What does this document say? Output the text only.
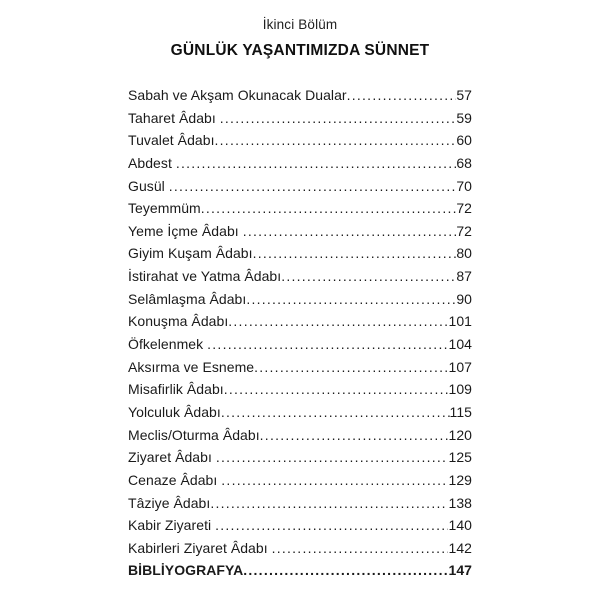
İkinci Bölüm
GÜNLÜK YAŞANTIMIZDA SÜNNET
Sabah ve Akşam Okunacak Dualar .....	57
Taharet Âdabı .....	59
Tuvalet Âdabı .....	60
Abdest .....	68
Gusül .....	70
Teyemmüm .....	72
Yeme İçme Âdabı .....	72
Giyim Kuşam Âdabı .....	80
İstirahat ve Yatma Âdabı .....	87
Selâmlaşma Âdabı .....	90
Konuşma Âdabı .....	101
Öfkelenmek .....	104
Aksırma ve Esneme .....	107
Misafirlik Âdabı .....	109
Yolculuk Âdabı .....	115
Meclis/Oturma Âdabı .....	120
Ziyaret Âdabı .....	125
Cenaze Âdabı .....	129
Tâziye Âdabı .....	138
Kabir Ziyareti .....	140
Kabirleri Ziyaret Âdabı .....	142
BİBLİYOGRAFYA .....	147
